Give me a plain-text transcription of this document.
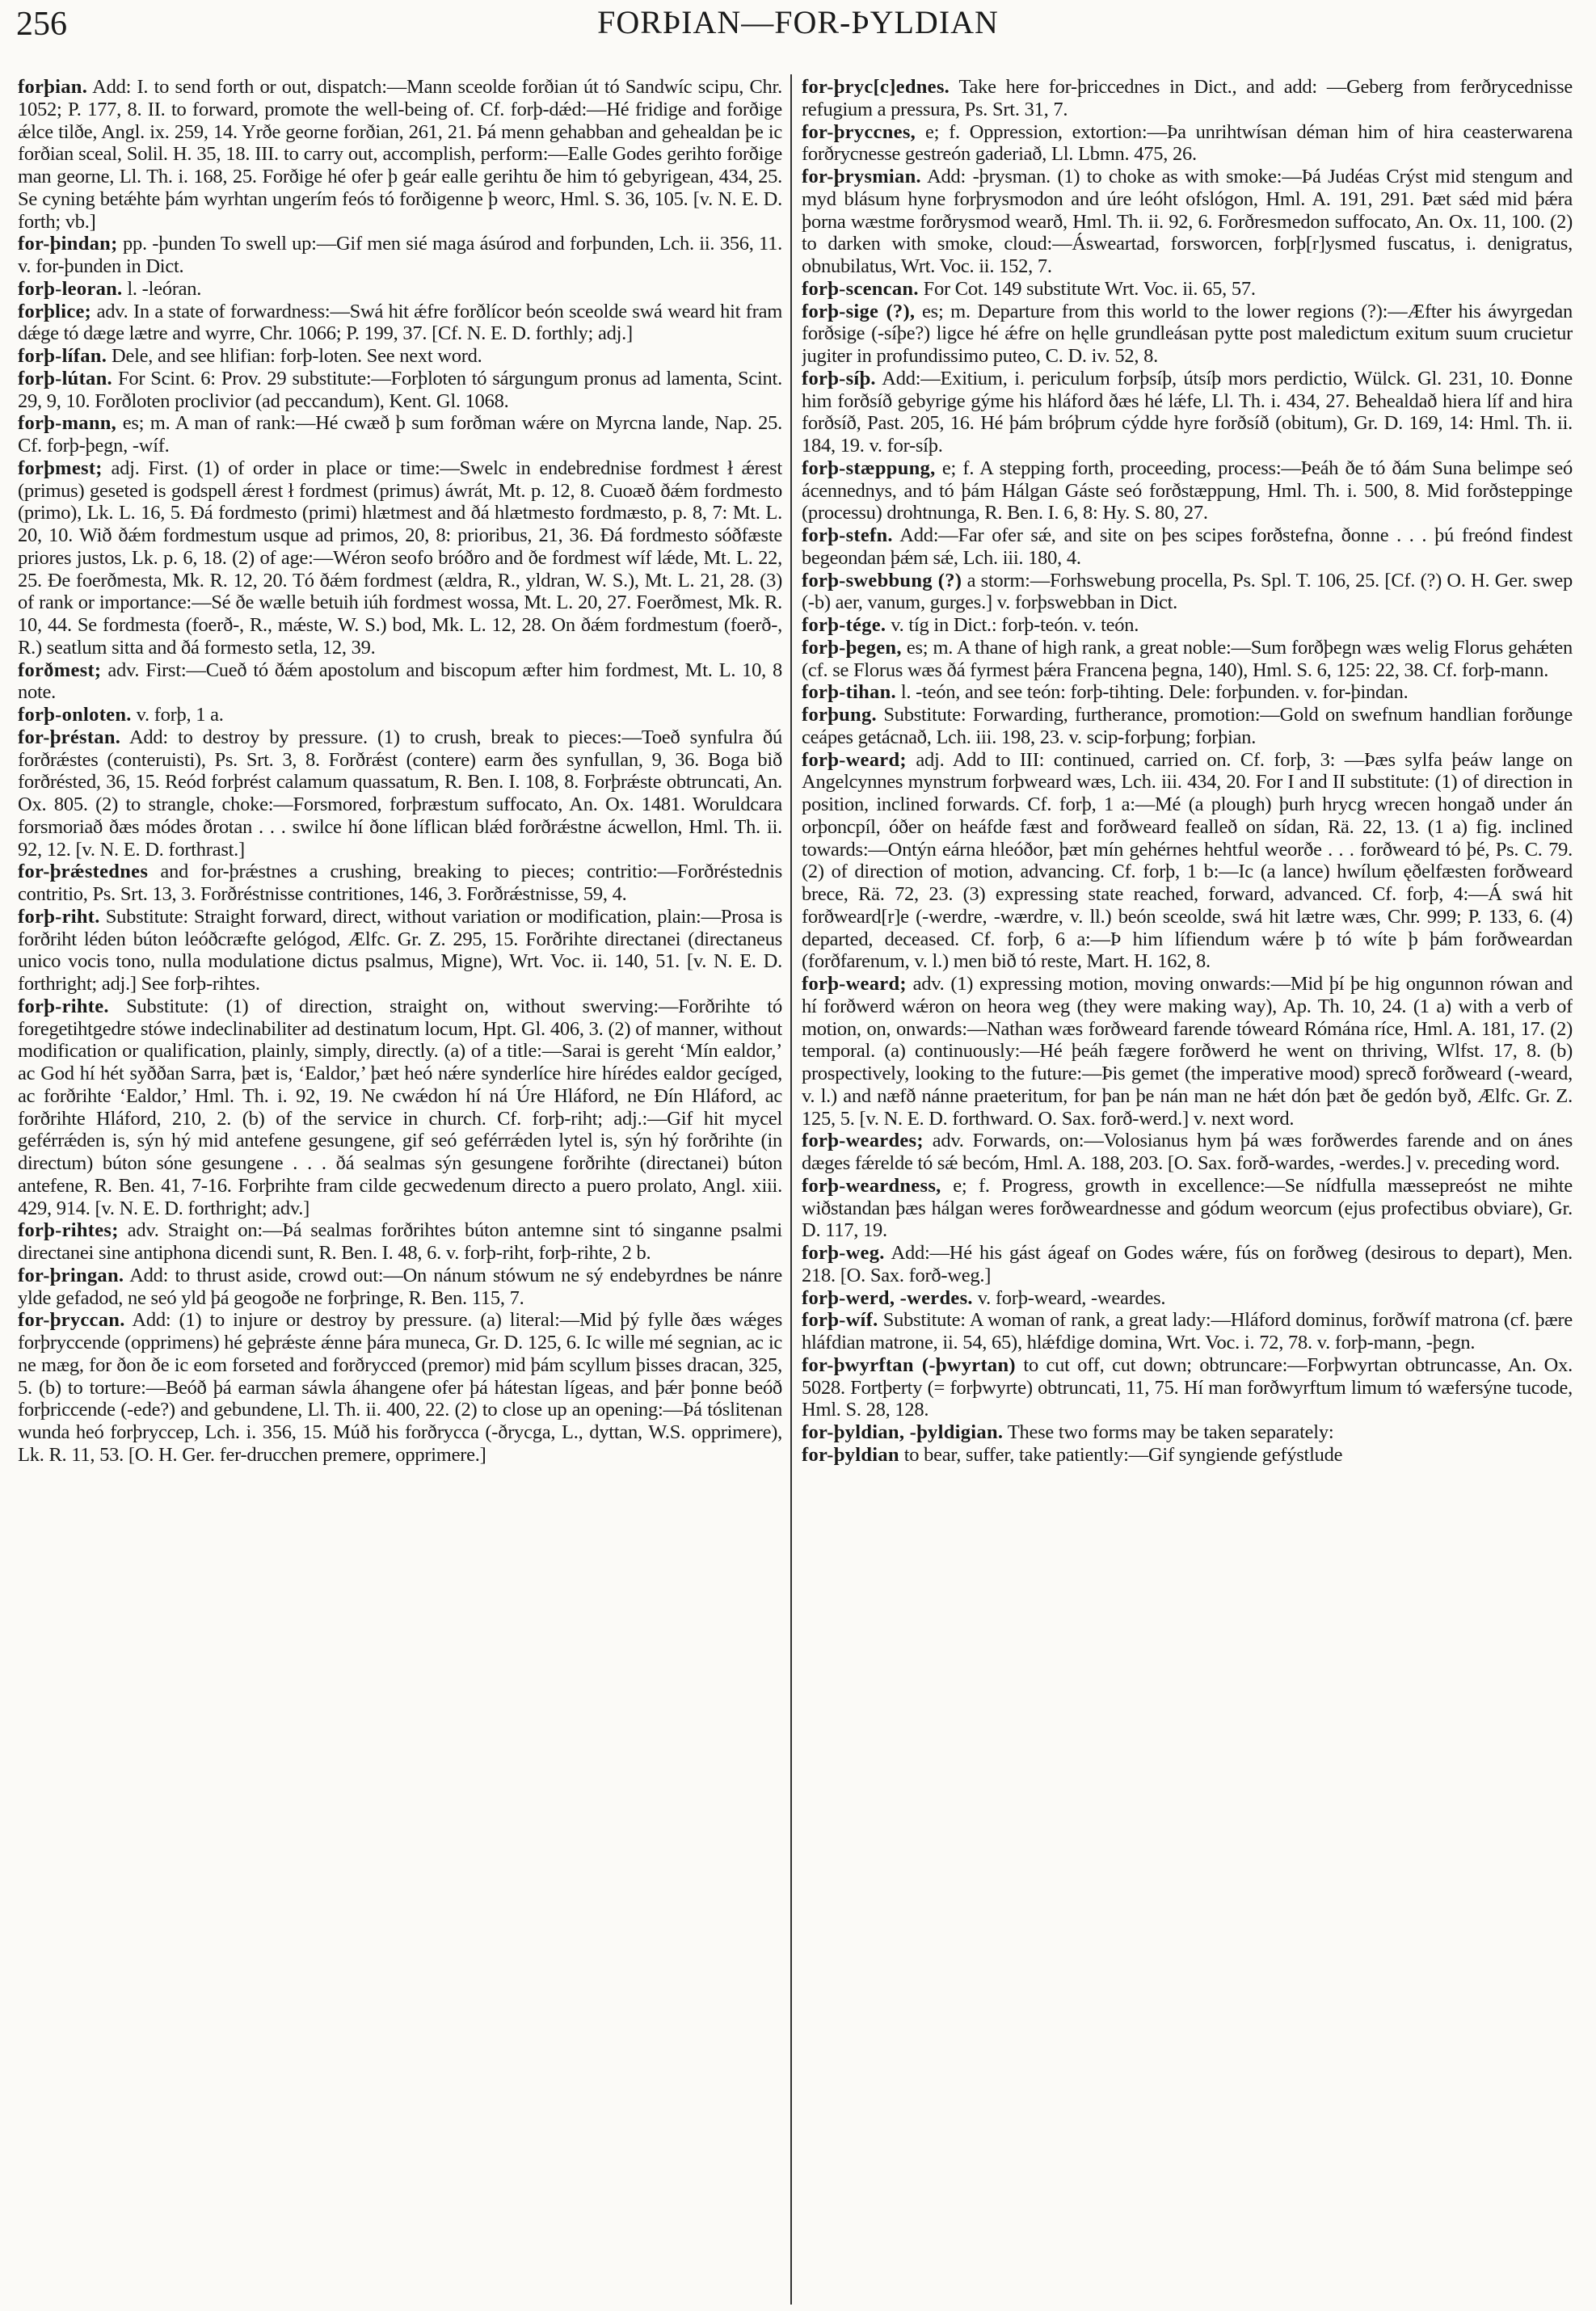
256	FORÞIAN—FOR-ÞYLDIAN

forþian. Add: I. to send forth or out, dispatch:—Mann sceolde forðian út tó Sandwíc scipu, Chr. 1052; P. 177, 8. II. to forward, promote the well-being of. Cf. forþ-dǽd:—Hé fridige and forðige ǽlce tilðe, Angl. ix. 259, 14. Yrðe georne forðian, 261, 21. Þá menn gehabban and gehealdan þe ic forðian sceal, Solil. H. 35, 18. III. to carry out, accomplish, perform:—Ealle Godes gerihto forðige man georne, Ll. Th. i. 168, 25. Forðige hé ofer þ geár ealle gerihtu ðe him tó gebyrigean, 434, 25. Se cyning betǽhte þám wyrhtan ungerím feós tó forðigenne þ weorc, Hml. S. 36, 105. [v. N. E. D. forth; vb.]

for-þindan; pp. -þunden To swell up:—Gif men sié maga ásúrod and forþunden, Lch. ii. 356, 11. v. for-þunden in Dict.

forþ-leoran. l. -leóran.

forþlice; adv. In a state of forwardness:—Swá hit ǽfre forðlícor beón sceolde swá weard hit fram dǽge tó dæge lætre and wyrre, Chr. 1066; P. 199, 37. [Cf. N. E. D. forthly; adj.]

forþ-lífan. Dele, and see hlifian: forþ-loten. See next word.

forþ-lútan. For Scint. 6: Prov. 29 substitute:—Forþloten tó sárgungum pronus ad lamenta, Scint. 29, 9, 10. Forðloten proclivior (ad peccandum), Kent. Gl. 1068.

forþ-mann, es; m. A man of rank:—Hé cwæð þ sum forðman wǽre on Myrcna lande, Nap. 25. Cf. forþ-þegn, -wíf.

forþmest; adj. First. (1) of order in place or time:—Swelc in endebrednise fordmest ł ǽrest (primus) geseted is godspell ǽrest ł fordmest (primus) áwrát, Mt. p. 12, 8. Cuoæð ðǽm fordmesto (primo), Lk. L. 16, 5. Ðá fordmesto (primi) hlætmest and ðá hlætmesto fordmæsto, p. 8, 7: Mt. L. 20, 10. Wið ðǽm fordmestum usque ad primos, 20, 8: prioribus, 21, 36. Ðá fordmesto sóðfæste priores justos, Lk. p. 6, 18. (2) of age:—Wéron seofo bróðro and ðe fordmest wíf lǽde, Mt. L. 22, 25. Ðe foerðmesta, Mk. R. 12, 20. Tó ðǽm fordmest (ældra, R., yldran, W. S.), Mt. L. 21, 28. (3) of rank or importance:—Sé ðe wælle betuih iúh fordmest wossa, Mt. L. 20, 27. Foerðmest, Mk. R. 10, 44. Se fordmesta (foerð-, R., mǽste, W. S.) bod, Mk. L. 12, 28. On ðǽm fordmestum (foerð-, R.) seatlum sitta and ðá formesto setla, 12, 39.

forðmest; adv. First:—Cueð tó ðǽm apostolum and biscopum æfter him fordmest, Mt. L. 10, 8 note.

forþ-onloten. v. forþ, 1 a.

for-þréstan. Add: to destroy by pressure. (1) to crush, break to pieces:—Toeð synfulra ðú forðrǽstes (conteruisti), Ps. Srt. 3, 8. Forðrǽst (contere) earm ðes synfullan, 9, 36. Boga bið forðrésted, 36, 15. Reód forþrést calamum quassatum, R. Ben. I. 108, 8. Forþrǽste obtruncati, An. Ox. 805. (2) to strangle, choke:—Forsmored, forþræstum suffocato, An. Ox. 1481. Woruldcara forsmoriað ðæs módes ðrotan . . . swilce hí ðone líflican blǽd forðrǽstne ácwellon, Hml. Th. ii. 92, 12. [v. N. E. D. forthrast.]

for-þrǽstednes and for-þrǽstnes a crushing, breaking to pieces; contritio:—Forðréstednis contritio, Ps. Srt. 13, 3. Forðréstnisse contritiones, 146, 3. Forðrǽstnisse, 59, 4.

forþ-riht. Substitute: Straight forward, direct, without variation or modification, plain:—Prosa is forðriht léden búton leóðcræfte gelógod, Ælfc. Gr. Z. 295, 15. Forðrihte directanei (directaneus unico vocis tono, nulla modulatione dictus psalmus, Migne), Wrt. Voc. ii. 140, 51. [v. N. E. D. forthright; adj.] See forþ-rihtes.

forþ-rihte. Substitute: (1) of direction, straight on, without swerving:—Forðrihte tó foregetihtgedre stówe indeclinabiliter ad destinatum locum, Hpt. Gl. 406, 3. (2) of manner, without modification or qualification, plainly, simply, directly. (a) of a title:—Sarai is gereht ‘Mín ealdor,’ ac God hí hét syððan Sarra, þæt is, ‘Ealdor,’ þæt heó nǽre synderlíce hire hírédes ealdor gecíged, ac forðrihte ‘Ealdor,’ Hml. Th. i. 92, 19. Ne cwǽdon hí ná Úre Hláford, ne Ðín Hláford, ac forðrihte Hláford, 210, 2. (b) of the service in church. Cf. forþ-riht; adj.:—Gif hit mycel geférrǽden is, sýn hý mid antefene gesungene, gif seó geférrǽden lytel is, sýn hý forðrihte (in directum) búton sóne gesungene . . . ðá sealmas sýn gesungene forðrihte (directanei) búton antefene, R. Ben. 41, 7-16. Forþrihte fram cilde gecwedenum directo a puero prolato, Angl. xiii. 429, 914. [v. N. E. D. forthright; adv.]

forþ-rihtes; adv. Straight on:—Þá sealmas forðrihtes búton antemne sint tó singanne psalmi directanei sine antiphona dicendi sunt, R. Ben. I. 48, 6. v. forþ-riht, forþ-rihte, 2 b.

for-þringan. Add: to thrust aside, crowd out:—On nánum stówum ne sý endebyrdnes be nánre ylde gefadod, ne seó yld þá geogoðe ne forþringe, R. Ben. 115, 7.

for-þryccan. Add: (1) to injure or destroy by pressure. (a) literal:—Mid þý fylle ðæs wǽges forþryccende (opprimens) hé geþrǽste ǽnne þára muneca, Gr. D. 125, 6. Ic wille mé segnian, ac ic ne mæg, for ðon ðe ic eom forseted and forðrycced (premor) mid þám scyllum þisses dracan, 325, 5. (b) to torture:—Beóð þá earman sáwla áhangene ofer þá hátestan lígeas, and þǽr þonne beóð forþriccende (-ede?) and gebundene, Ll. Th. ii. 400, 22. (2) to close up an opening:—Þá tóslitenan wunda heó forþryccep, Lch. i. 356, 15. Múð his forðrycca (-ðrycga, L., dyttan, W.S. opprimere), Lk. R. 11, 53. [O. H. Ger. fer-drucchen premere, opprimere.]

for-þryc[c]ednes. Take here for-þriccednes in Dict., and add: —Geberg from ferðrycednisse refugium a pressura, Ps. Srt. 31, 7.

for-þryccnes, e; f. Oppression, extortion:—Þa unrihtwísan déman him of hira ceasterwarena forðrycnesse gestreón gaderiað, Ll. Lbmn. 475, 26.

for-þrysmian. Add: -þrysman. (1) to choke as with smoke:—Þá Judéas Crýst mid stengum and myd blásum hyne forþrysmodon and úre leóht ofslógon, Hml. A. 191, 291. Þæt sǽd mid þǽra þorna wæstme forðrysmod wearð, Hml. Th. ii. 92, 6. Forðresmedon suffocato, An. Ox. 11, 100. (2) to darken with smoke, cloud:—Ásweartad, forsworcen, forþ[r]ysmed fuscatus, i. denigratus, obnubilatus, Wrt. Voc. ii. 152, 7.

forþ-scencan. For Cot. 149 substitute Wrt. Voc. ii. 65, 57.

forþ-sige (?), es; m. Departure from this world to the lower regions (?):—Æfter his áwyrgedan forðsige (-síþe?) ligce hé ǽfre on hęlle grundleásan pytte post maledictum exitum suum crucietur jugiter in profundissimo puteo, C. D. iv. 52, 8.

forþ-síþ. Add:—Exitium, i. periculum forþsíþ, útsíþ mors perdictio, Wülck. Gl. 231, 10. Ðonne him forðsíð gebyrige gýme his hláford ðæs hé lǽfe, Ll. Th. i. 434, 27. Behealdað hiera líf and hira forðsíð, Past. 205, 16. Hé þám bróþrum cýdde hyre forðsíð (obitum), Gr. D. 169, 14: Hml. Th. ii. 184, 19. v. for-síþ.

forþ-stæppung, e; f. A stepping forth, proceeding, process:—Þeáh ðe tó ðám Suna belimpe seó ácennednys, and tó þám Hálgan Gáste seó forðstæppung, Hml. Th. i. 500, 8. Mid forðsteppinge (processu) drohtnunga, R. Ben. I. 6, 8: Hy. S. 80, 27.

forþ-stefn. Add:—Far ofer sǽ, and site on þes scipes forðstefna, ðonne . . . þú freónd findest begeondan þǽm sǽ, Lch. iii. 180, 4.

forþ-swebbung (?) a storm:—Forhswebung procella, Ps. Spl. T. 106, 25. [Cf. (?) O. H. Ger. swep (-b) aer, vanum, gurges.] v. forþswebban in Dict.

forþ-tége. v. tíg in Dict.: forþ-teón. v. teón.

forþ-þegen, es; m. A thane of high rank, a great noble:—Sum forðþegn wæs welig Florus gehǽten (cf. se Florus wæs ðá fyrmest þǽra Francena þegna, 140), Hml. S. 6, 125: 22, 38. Cf. forþ-mann.

forþ-tihan. l. -teón, and see teón: forþ-tihting. Dele: forþunden. v. for-þindan.

forþung. Substitute: Forwarding, furtherance, promotion:—Gold on swefnum handlian forðunge ceápes getácnað, Lch. iii. 198, 23. v. scip-forþung; forþian.

forþ-weard; adj. Add to III: continued, carried on. Cf. forþ, 3: —Þæs sylfa þeáw lange on Angelcynnes mynstrum forþweard wæs, Lch. iii. 434, 20. For I and II substitute: (1) of direction in position, inclined forwards. Cf. forþ, 1 a:—Mé (a plough) þurh hrycg wrecen hongað under án orþoncpíl, óðer on heáfde fæst and forðweard fealleð on sídan, Rä. 22, 13. (1 a) fig. inclined towards:—Ontýn eárna hleóðor, þæt mín gehérnes hehtful weorðe . . . forðweard tó þé, Ps. C. 79. (2) of direction of motion, advancing. Cf. forþ, 1 b:—Ic (a lance) hwílum ęðelfæsten forðweard brece, Rä. 72, 23. (3) expressing state reached, forward, advanced. Cf. forþ, 4:—Á swá hit forðweard[r]e (-werdre, -wærdre, v. ll.) beón sceolde, swá hit lætre wæs, Chr. 999; P. 133, 6. (4) departed, deceased. Cf. forþ, 6 a:—Þ him lífiendum wǽre þ tó wíte þ þám forðweardan (forðfarenum, v. l.) men bið tó reste, Mart. H. 162, 8.

forþ-weard; adv. (1) expressing motion, moving onwards:—Mid þí þe hig ongunnon rówan and hí forðwerd wǽron on heora weg (they were making way), Ap. Th. 10, 24. (1 a) with a verb of motion, on, onwards:—Nathan wæs forðweard farende tóweard Rómána ríce, Hml. A. 181, 17. (2) temporal. (a) continuously:—Hé þeáh fægere forðwerd he went on thriving, Wlfst. 17, 8. (b) prospectively, looking to the future:—Þis gemet (the imperative mood) sprecð forðweard (-weard, v. l.) and næfð nánne praeteritum, for þan þe nán man ne hǽt dón þæt ðe gedón byð, Ælfc. Gr. Z. 125, 5. [v. N. E. D. forthward. O. Sax. forð-werd.] v. next word.

forþ-weardes; adv. Forwards, on:—Volosianus hym þá wæs forðwerdes farende and on ánes dæges fǽrelde tó sǽ becóm, Hml. A. 188, 203. [O. Sax. forð-wardes, -werdes.] v. preceding word.

forþ-weardness, e; f. Progress, growth in excellence:—Se nídfulla mæssepreóst ne mihte wiðstandan þæs hálgan weres forðweardnesse and gódum weorcum (ejus profectibus obviare), Gr. D. 117, 19.

forþ-weg. Add:—Hé his gást ágeaf on Godes wǽre, fús on forðweg (desirous to depart), Men. 218. [O. Sax. forð-weg.]

forþ-werd, -werdes. v. forþ-weard, -weardes.

forþ-wíf. Substitute: A woman of rank, a great lady:—Hláford dominus, forðwíf matrona (cf. þære hláfdian matrone, ii. 54, 65), hlǽfdige domina, Wrt. Voc. i. 72, 78. v. forþ-mann, -þegn.

for-þwyrftan (-þwyrtan) to cut off, cut down; obtruncare:—Forþwyrtan obtruncasse, An. Ox. 5028. Fortþerty (= forþwyrte) obtruncati, 11, 75. Hí man forðwyrftum limum tó wæfersýne tucode, Hml. S. 28, 128.

for-þyldian, -þyldigian. These two forms may be taken separately:

for-þyldian to bear, suffer, take patiently:—Gif syngiende gefýstlude
